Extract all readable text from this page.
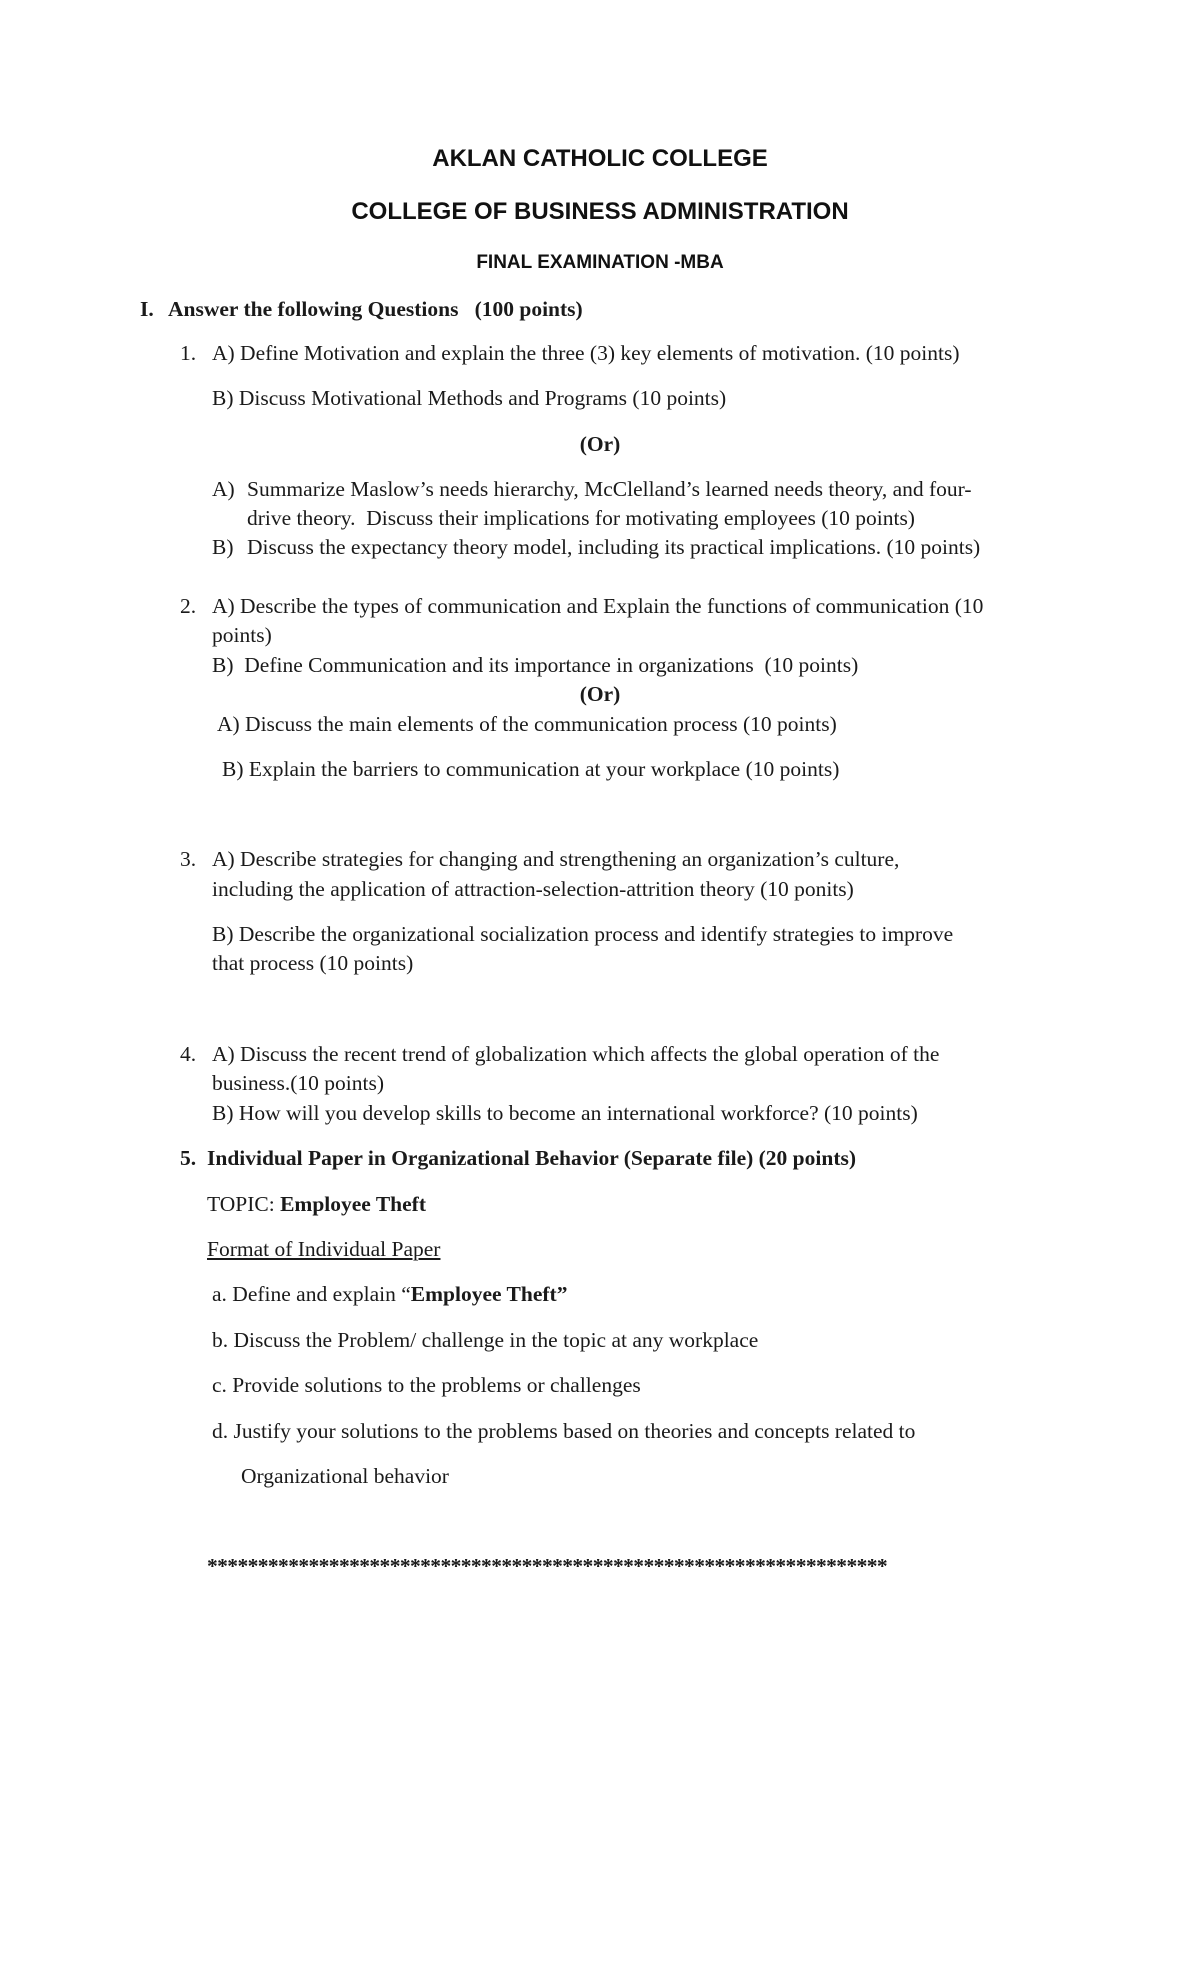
AKLAN CATHOLIC COLLEGE
COLLEGE OF BUSINESS ADMINISTRATION
FINAL EXAMINATION -MBA
I. Answer the following Questions   (100 points)
1. A) Define Motivation and explain the three (3) key elements of motivation. (10 points)
B) Discuss Motivational Methods and Programs (10 points)
(Or)
A) Summarize Maslow’s needs hierarchy, McClelland’s learned needs theory, and four-
drive theory.  Discuss their implications for motivating employees (10 points)
B) Discuss the expectancy theory model, including its practical implications. (10 points)
2. A) Describe the types of communication and Explain the functions of communication (10
points)
B)  Define Communication and its importance in organizations  (10 points)
(Or)
A) Discuss the main elements of the communication process (10 points)
B) Explain the barriers to communication at your workplace (10 points)
3. A) Describe strategies for changing and strengthening an organization’s culture,
including the application of attraction-selection-attrition theory (10 ponits)
B) Describe the organizational socialization process and identify strategies to improve
that process (10 points)
4. A) Discuss the recent trend of globalization which affects the global operation of the
business.(10 points)
B) How will you develop skills to become an international workforce? (10 points)
5. Individual Paper in Organizational Behavior (Separate file) (20 points)
TOPIC: Employee Theft
Format of Individual Paper
a. Define and explain “Employee Theft”
b. Discuss the Problem/ challenge in the topic at any workplace
c. Provide solutions to the problems or challenges
d. Justify your solutions to the problems based on theories and concepts related to
Organizational behavior
*******************************************************************
